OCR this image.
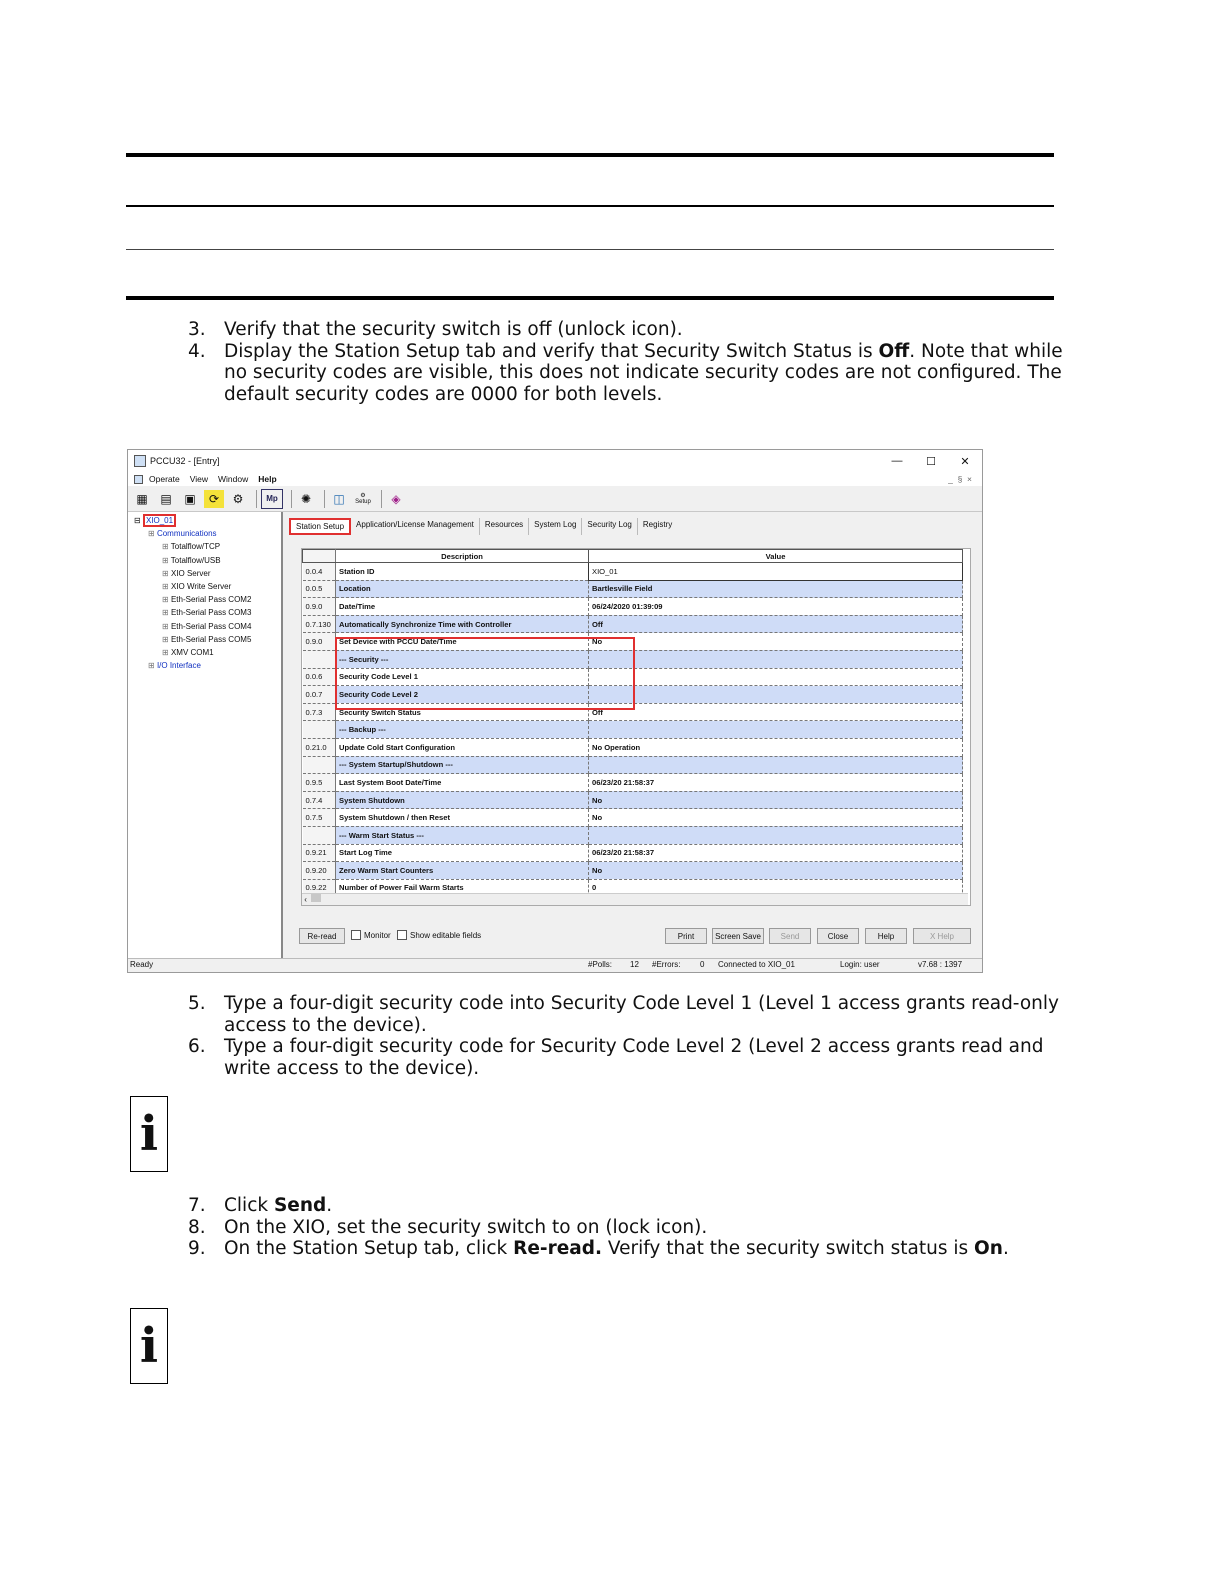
3. Verify that the security switch is off (unlock icon).
4. Display the Station Setup tab and verify that Security Switch Status is Off. Note that while no security codes are visible, this does not indicate security codes are not configured. The default security codes are 0000 for both levels.
PCCU32 - [Entry]	—	☐	✕
Operate View Window Help	_  §  ×
▦	▤	▣	⟳	⚙	Mp	✺	◫	⚙
Setup	◈
⊟ XIO_01
⊞ Communications
⊞ Totalflow/TCP
⊞ Totalflow/USB
⊞ XIO Server
⊞ XIO Write Server
⊞ Eth-Serial Pass COM2
⊞ Eth-Serial Pass COM3
⊞ Eth-Serial Pass COM4
⊞ Eth-Serial Pass COM5
⊞ XMV COM1
⊞ I/O Interface
Station Setup	Application/License Management	Resources	System Log	Security Log	Registry
	Description	Value
0.0.4	Station ID	XIO_01
0.0.5	Location	Bartlesville Field
0.9.0	Date/Time	06/24/2020 01:39:09
0.7.130	Automatically Synchronize Time with Controller	Off
0.9.0	Set Device with PCCU Date/Time	No
	--- Security ---	
0.0.6	Security Code Level 1	
0.0.7	Security Code Level 2	
0.7.3	Security Switch Status	Off
	--- Backup ---	
0.21.0	Update Cold Start Configuration	No Operation
	--- System Startup/Shutdown ---	
0.9.5	Last System Boot Date/Time	06/23/20 21:58:37
0.7.4	System Shutdown	No
0.7.5	System Shutdown / then Reset	No
	--- Warm Start Status ---	
0.9.21	Start Log Time	06/23/20 21:58:37
0.9.20	Zero Warm Start Counters	No
0.9.22	Number of Power Fail Warm Starts	0

‹
Re-read	Monitor Show editable fields	Print	Screen Save	Send	Close	Help	X Help
Ready	#Polls: 12 #Errors: 0 Connected to XIO_01	Login: user	v7.68 : 1397
5. Type a four-digit security code into Security Code Level 1 (Level 1 access grants read-only access to the device).
6. Type a four-digit security code for Security Code Level 2 (Level 2 access grants read and write access to the device).
i
7. Click Send.
8. On the XIO, set the security switch to on (lock icon).
9. On the Station Setup tab, click Re-read. Verify that the security switch status is On.
i
